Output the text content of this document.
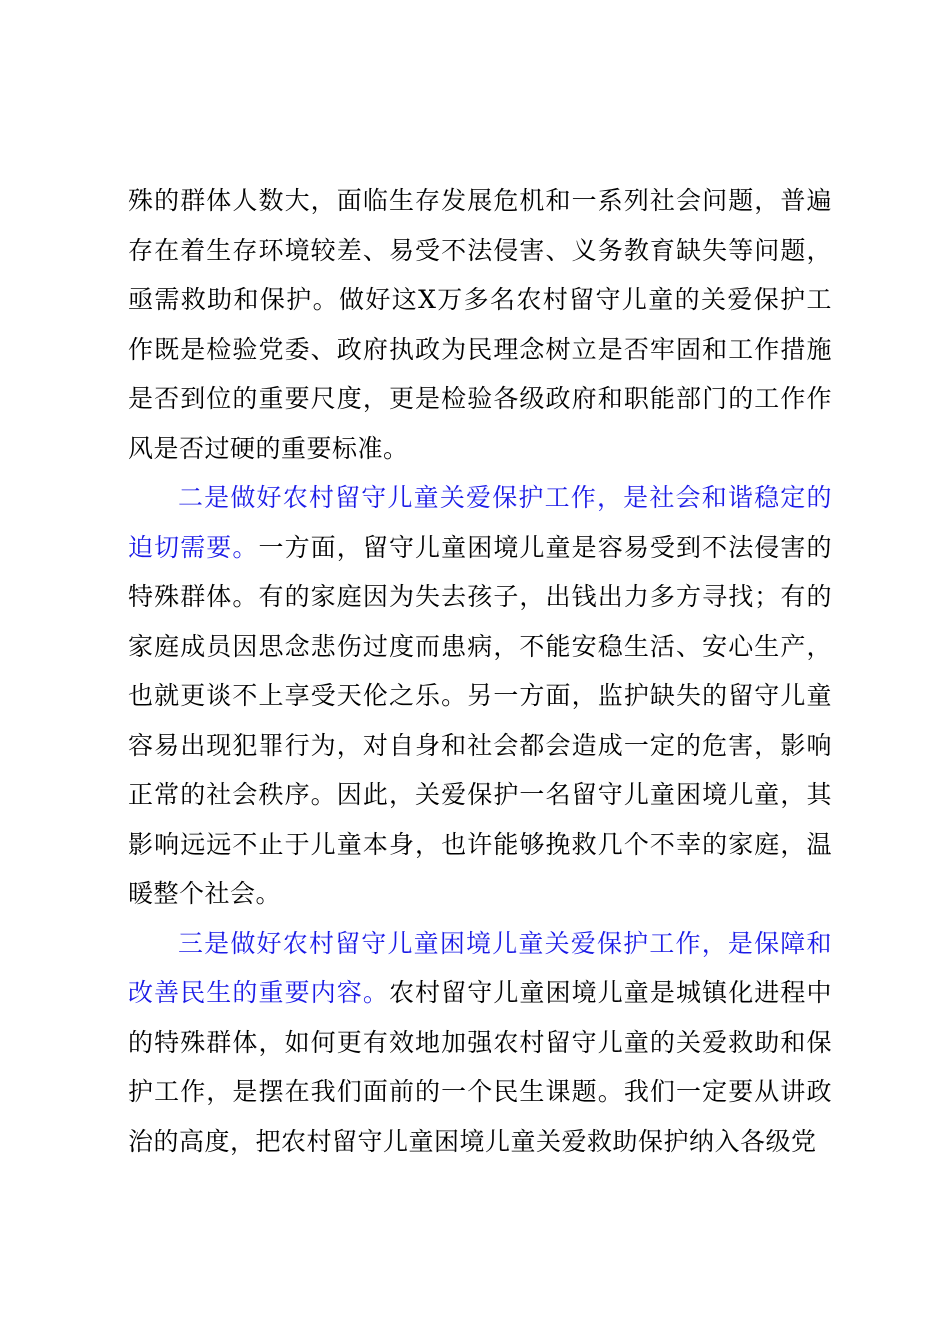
殊的群体人数大，面临生存发展危机和一系列社会问题，普遍存在着生存环境较差、易受不法侵害、义务教育缺失等问题，亟需救助和保护。做好这X万多名农村留守儿童的关爱保护工作既是检验党委、政府执政为民理念树立是否牢固和工作措施是否到位的重要尺度，更是检验各级政府和职能部门的工作作风是否过硬的重要标准。

二是做好农村留守儿童关爱保护工作，是社会和谐稳定的迫切需要。一方面，留守儿童困境儿童是容易受到不法侵害的特殊群体。有的家庭因为失去孩子，出钱出力多方寻找；有的家庭成员因思念悲伤过度而患病，不能安稳生活、安心生产，也就更谈不上享受天伦之乐。另一方面，监护缺失的留守儿童容易出现犯罪行为，对自身和社会都会造成一定的危害，影响正常的社会秩序。因此，关爱保护一名留守儿童困境儿童，其影响远远不止于儿童本身，也许能够挽救几个不幸的家庭，温暖整个社会。

三是做好农村留守儿童困境儿童关爱保护工作，是保障和改善民生的重要内容。农村留守儿童困境儿童是城镇化进程中的特殊群体，如何更有效地加强农村留守儿童的关爱救助和保护工作，是摆在我们面前的一个民生课题。我们一定要从讲政治的高度，把农村留守儿童困境儿童关爱救助保护纳入各级党
